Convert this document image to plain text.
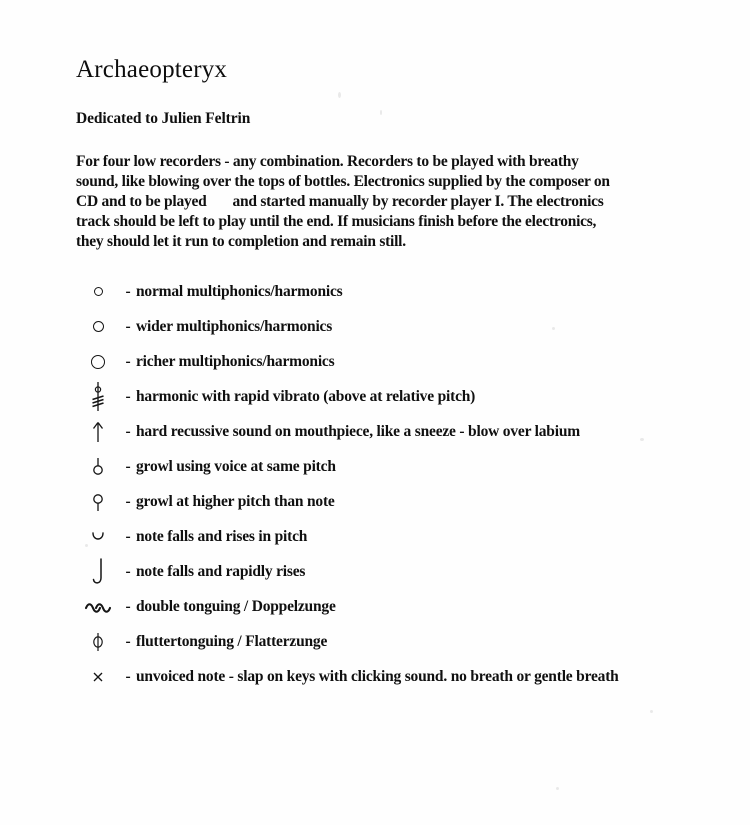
Archaeopteryx
Dedicated to Julien Feltrin
For four low recorders - any combination. Recorders to be played with breathy sound, like blowing over the tops of bottles. Electronics supplied by the composer on CD and to be played and started manually by recorder player I. The electronics track should be left to play until the end. If musicians finish before the electronics, they should let it run to completion and remain still.
- normal multiphonics/harmonics
- wider multiphonics/harmonics
- richer multiphonics/harmonics
- harmonic with rapid vibrato (above at relative pitch)
- hard recussive sound on mouthpiece, like a sneeze - blow over labium
- growl using voice at same pitch
- growl at higher pitch than note
- note falls and rises in pitch
- note falls and rapidly rises
- double tonguing / Doppelzunge
- fluttertonguing / Flatterzunge
- unvoiced note - slap on keys with clicking sound. no breath or gentle breath
